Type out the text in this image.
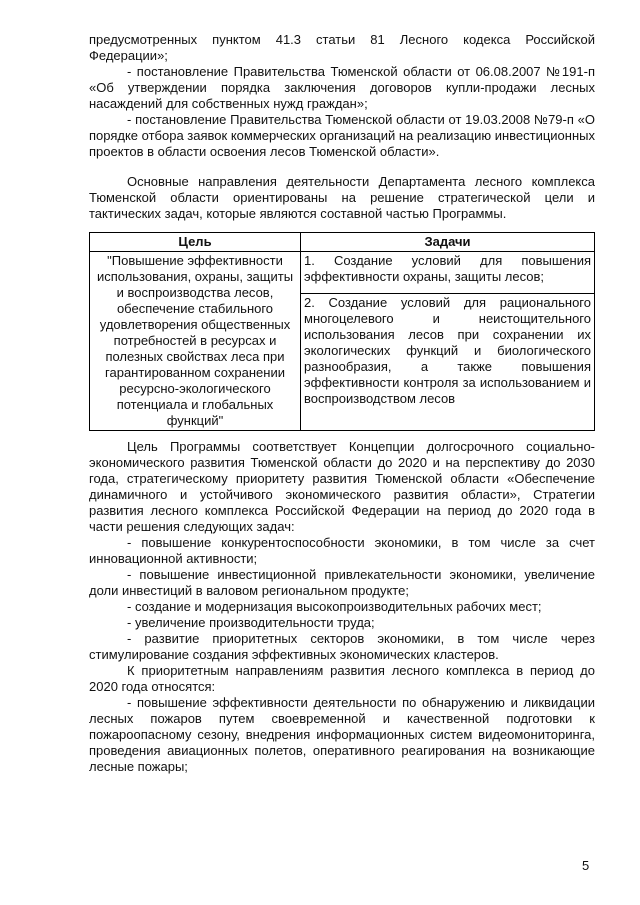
предусмотренных пунктом 41.3 статьи 81 Лесного кодекса Российской Федерации»;

- постановление Правительства Тюменской области от 06.08.2007 №191-п «Об утверждении порядка заключения договоров купли-продажи лесных насаждений для собственных нужд граждан»;

- постановление Правительства Тюменской области от 19.03.2008 №79-п «О порядке отбора заявок коммерческих организаций на реализацию инвестиционных проектов в области освоения лесов Тюменской области».

Основные направления деятельности Департамента лесного комплекса Тюменской области ориентированы на решение стратегической цели и тактических задач, которые являются составной частью Программы.

Цель	Задачи
"Повышение эффективности использования, охраны, защиты и воспроизводства лесов, обеспечение стабильного удовлетворения общественных потребностей в ресурсах и полезных свойствах леса при гарантированном сохранении ресурсно-экологического потенциала и глобальных функций"	1. Создание условий для повышения эффективности охраны, защиты лесов;
	2. Создание условий для рационального многоцелевого и неистощительного использования лесов при сохранении их экологических функций и биологического разнообразия, а также повышения эффективности контроля за использованием и воспроизводством лесов

Цель Программы соответствует Концепции долгосрочного социально-экономического развития Тюменской области до 2020 и на перспективу до 2030 года, стратегическому приоритету развития Тюменской области «Обеспечение динамичного и устойчивого экономического развития области», Стратегии развития лесного комплекса Российской Федерации на период до 2020 года в части решения следующих задач:

- повышение конкурентоспособности экономики, в том числе за счет инновационной активности;

- повышение инвестиционной привлекательности экономики, увеличение доли инвестиций в валовом региональном продукте;

- создание и модернизация высокопроизводительных рабочих мест;

- увеличение производительности труда;

- развитие приоритетных секторов экономики, в том числе через стимулирование создания эффективных экономических кластеров.

К приоритетным направлениям развития лесного комплекса в период до 2020 года относятся:

- повышение эффективности деятельности по обнаружению и ликвидации лесных пожаров путем своевременной и качественной подготовки к пожароопасному сезону, внедрения информационных систем видеомониторинга, проведения авиационных полетов, оперативного реагирования на возникающие лесные пожары;

5
